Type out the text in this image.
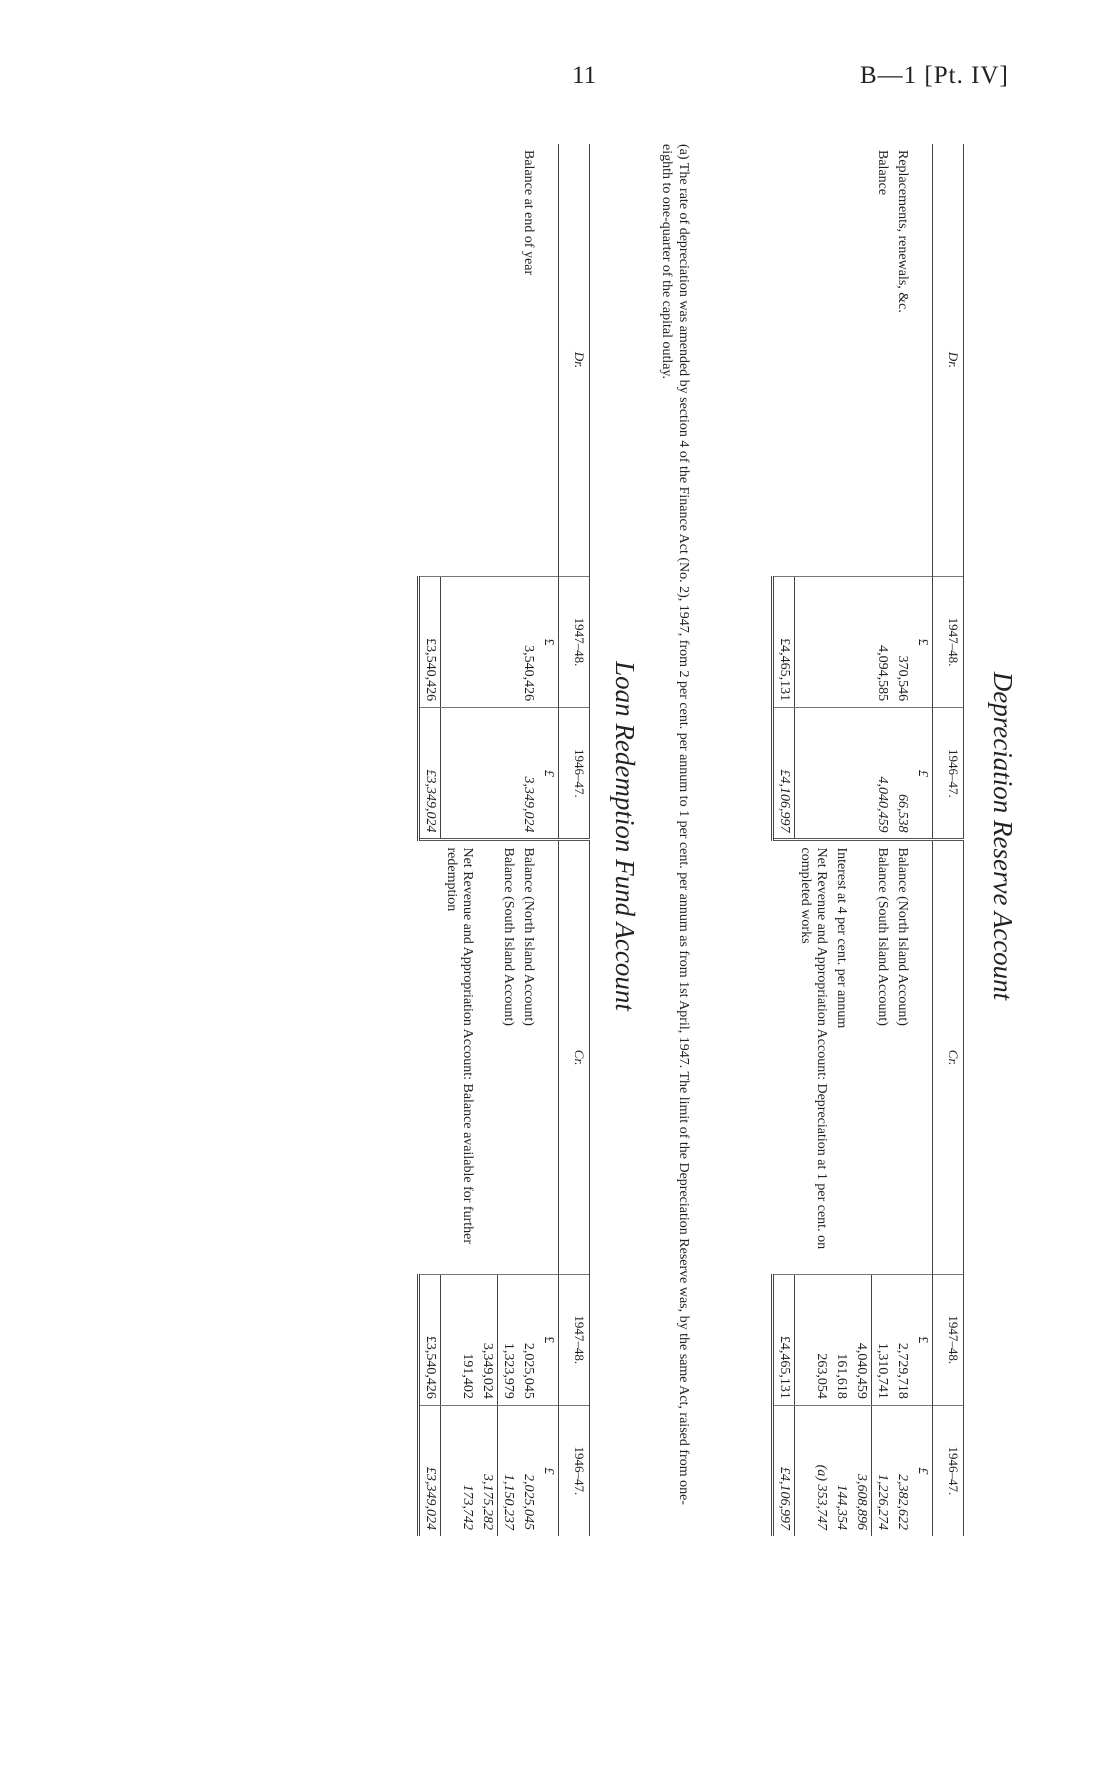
11	B—1 [Pt. IV]
Depreciation Reserve Account
Dr.	1947–48.	1946–47.	Cr.	1947–48.	1946–47.
	£	£		£	£
Replacements, renewals, &c.	370,546	66,538	Balance (North Island Account)	2,729,718	2,382,622
Balance	4,094,585	4,040,459	Balance (South Island Account)	1,310,741	1,226,274
				4,040,459	3,608,896
			Interest at 4 per cent. per annum	161,618	144,354
			Net Revenue and Appropriation Account: Depreciation at 1 per cent. on completed works	263,054	(a) 353,747
	£4,465,131	£4,106,997		£4,465,131	£4,106,997
(a) The rate of depreciation was amended by section 4 of the Finance Act (No. 2), 1947, from 2 per cent. per annum to 1 per cent. per annum as from 1st April, 1947. The limit of the Depreciation Reserve was, by the same Act, raised from one-eighth to one-quarter of the capital outlay.
Loan Redemption Fund Account
Dr.	1947–48.	1946–47.	Cr.	1947–48.	1946–47.
	£	£		£	£
Balance at end of year	3,540,426	3,349,024	Balance (North Island Account)	2,025,045	2,025,045
			Balance (South Island Account)	1,323,979	1,150,237
				3,349,024	3,175,282
			Net Revenue and Appropriation Account: Balance available for further redemption	191,402	173,742
	£3,540,426	£3,349,024		£3,540,426	£3,349,024
